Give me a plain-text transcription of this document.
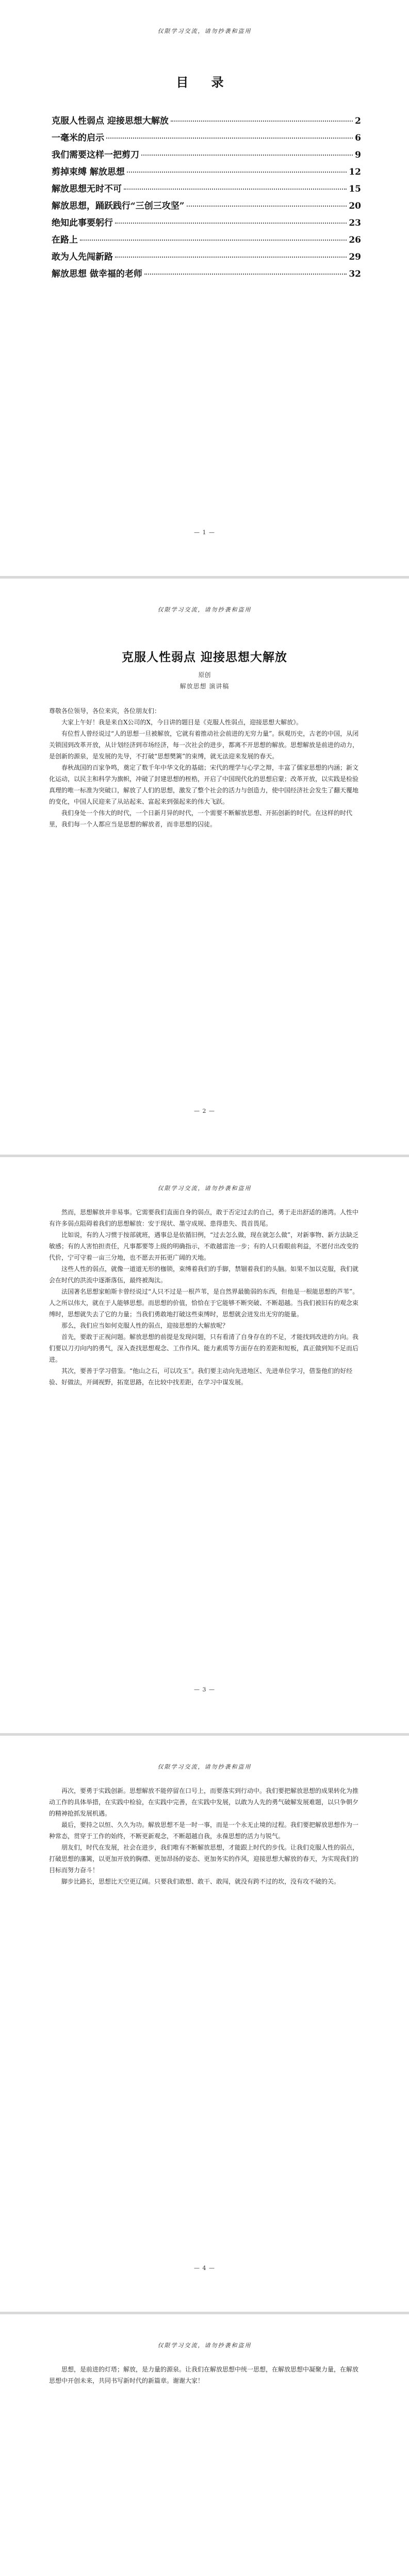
仅限学习交流，请勿抄袭和盗用
目 录
克服人性弱点 迎接思想大解放	2
一毫米的启示	6
我们需要这样一把剪刀	9
剪掉束缚 解放思想	12
解放思想无时不可	15
解放思想，踊跃践行“三创三攻坚”	20
绝知此事要躬行	23
在路上	26
敢为人先闯新路	29
解放思想 做幸福的老师	32
— 1 —
仅限学习交流，请勿抄袭和盗用
克服人性弱点 迎接思想大解放
原创
解放思想 演讲稿

尊敬各位领导，各位来宾，各位朋友们：

大家上午好！我是来自X公司的X，今日讲的题目是《克服人性弱点，迎接思想大解放》。

有位哲人曾经说过“人的思想一旦被解放，它就有着推动社会前进的无穷力量”。纵观历史，古老的中国，从闭关锁国到改革开放，从计划经济到市场经济，每一次社会的进步，都离不开思想的解放。思想解放是前进的动力，是创新的源泉，是发展的先导，不打破“思想樊篱”的束缚，就无法迎来发展的春天。

春秋战国的百家争鸣，奠定了数千年中华文化的基础；宋代的理学与心学之辩，丰富了儒家思想的内涵；新文化运动，以民主和科学为旗帜，冲破了封建思想的桎梏，开启了中国现代化的思想启蒙；改革开放，以实践是检验真理的唯一标准为突破口，解放了人们的思想，激发了整个社会的活力与创造力，使中国经济社会发生了翻天覆地的变化，中国人民迎来了从站起来、富起来到强起来的伟大飞跃。

我们身处一个伟大的时代，一个日新月异的时代，一个需要不断解放思想、开拓创新的时代。在这样的时代里，我们每一个人都应当是思想的解放者，而非思想的囚徒。

— 2 —
仅限学习交流，请勿抄袭和盗用

然而，思想解放并非易事。它需要我们直面自身的弱点，敢于否定过去的自己，勇于走出舒适的港湾。人性中有许多弱点阻碍着我们的思想解放：安于现状、墨守成规、患得患失、畏首畏尾。

比如说，有的人习惯于按部就班，遇事总是依循旧例，“过去怎么做，现在就怎么做”，对新事物、新方法缺乏敏感；有的人害怕担责任，凡事都要等上级的明确指示，不敢越雷池一步；有的人只看眼前利益，不愿付出改变的代价，宁可守着一亩三分地，也不愿去开拓更广阔的天地。

这些人性的弱点，就像一道道无形的枷锁，束缚着我们的手脚，禁锢着我们的头脑。如果不加以克服，我们就会在时代的洪流中逐渐落伍，最终被淘汰。

法国著名思想家帕斯卡曾经说过“人只不过是一根芦苇，是自然界最脆弱的东西，但他是一根能思想的芦苇”。人之所以伟大，就在于人能够思想。而思想的价值，恰恰在于它能够不断突破、不断超越。当我们被旧有的观念束缚时，思想就失去了它的力量；当我们勇敢地打破这些束缚时，思想就会迸发出无穷的能量。

那么，我们应当如何克服人性的弱点，迎接思想的大解放呢？

首先，要敢于正视问题。解放思想的前提是发现问题，只有看清了自身存在的不足，才能找到改进的方向。我们要以刀刃向内的勇气，深入查找思想观念、工作作风、能力素质等方面存在的差距和短板，真正做到知不足而后进。

其次，要善于学习借鉴。“他山之石，可以攻玉”。我们要主动向先进地区、先进单位学习，借鉴他们的好经验、好做法，开阔视野，拓宽思路，在比较中找差距，在学习中谋发展。

— 3 —
仅限学习交流，请勿抄袭和盗用

再次，要勇于实践创新。思想解放不能停留在口号上，而要落实到行动中。我们要把解放思想的成果转化为推动工作的具体举措，在实践中检验，在实践中完善，在实践中发展，以敢为人先的勇气破解发展难题，以只争朝夕的精神抢抓发展机遇。

最后，要持之以恒、久久为功。解放思想不是一时一事，而是一个永无止境的过程。我们要把解放思想作为一种常态，贯穿于工作的始终，不断更新观念，不断超越自我，永葆思想的活力与锐气。

朋友们，时代在发展，社会在进步，我们唯有不断解放思想，才能跟上时代的步伐。让我们克服人性的弱点，打破思想的藩篱，以更加开放的胸襟、更加昂扬的姿态、更加务实的作风，迎接思想大解放的春天，为实现我们的目标而努力奋斗！

脚步比路长，思想比天空更辽阔。只要我们敢想、敢干、敢闯，就没有跨不过的坎，没有攻不破的关。

— 4 —
仅限学习交流，请勿抄袭和盗用

思想，是前进的灯塔；解放，是力量的源泉。让我们在解放思想中统一思想，在解放思想中凝聚力量，在解放思想中开创未来，共同书写新时代的新篇章。谢谢大家！
